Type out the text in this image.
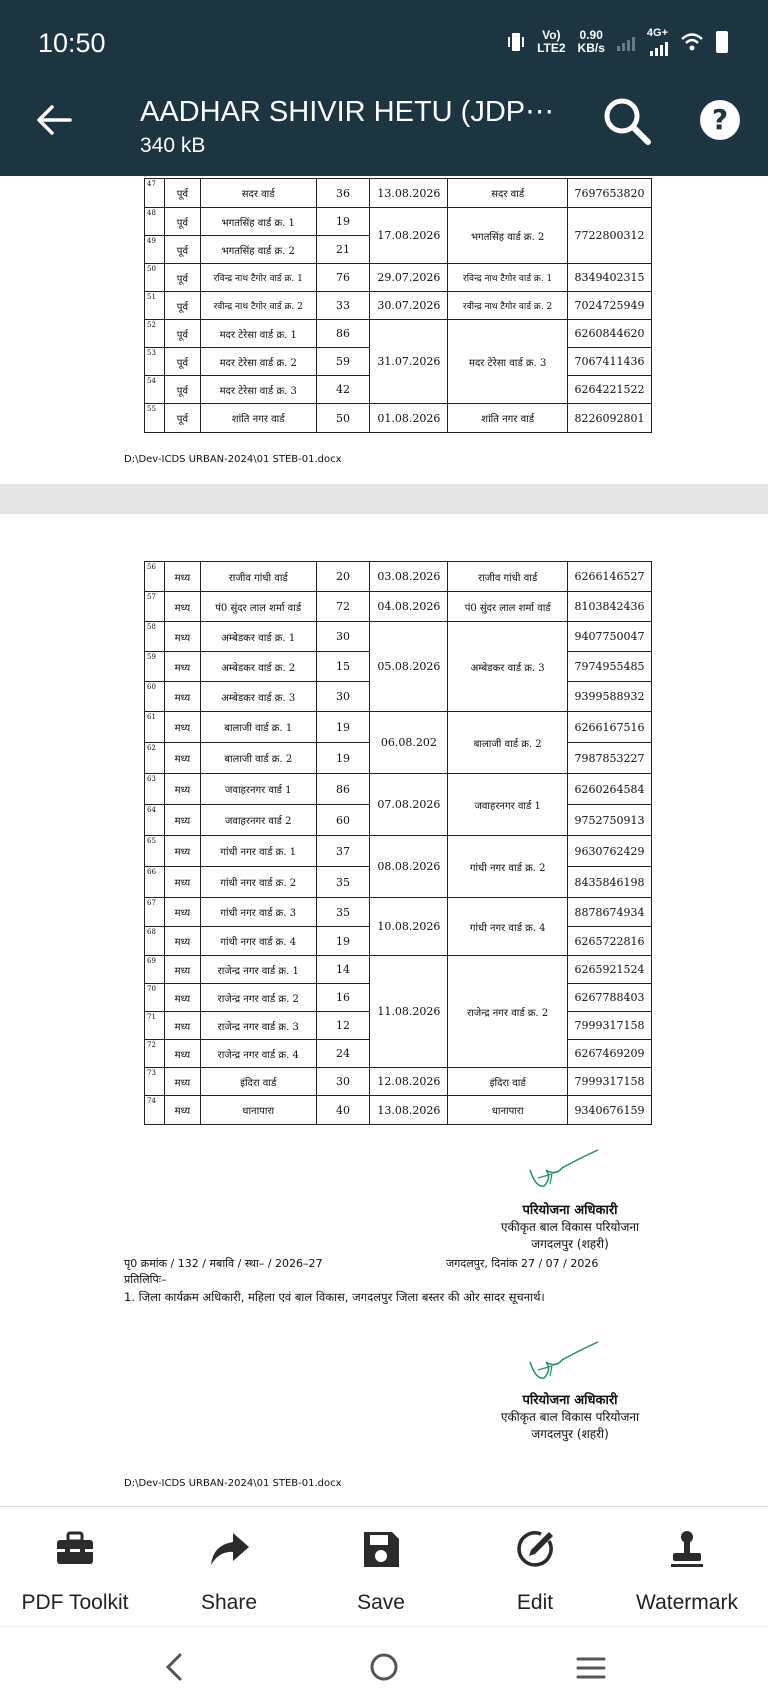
10:50	Vo)
LTE2
0.90
KB/s
4G+
AADHAR SHIVIR HETU (JDP⋯
340 kB
?
47	पूर्व	सदर वार्ड	36	13.08.2026	सदर वार्ड	7697653820
48	पूर्व	भगतसिंह वार्ड क्र. 1	19	17.08.2026	भगतसिंह वार्ड क्र. 2	7722800312
49	पूर्व	भगतसिंह वार्ड क्र. 2	21			
50	पूर्व	रविन्द्र नाथ टैगोर वार्ड क्र. 1	76	29.07.2026	रविन्द्र नाथ टैगोर वार्ड क्र. 1	8349402315
51	पूर्व	रवीन्द्र नाथ टैगोर वार्ड क्र. 2	33	30.07.2026	रवीन्द्र नाथ टैगोर वार्ड क्र. 2	7024725949
52	पूर्व	मदर टेरेसा वार्ड क्र. 1	86	31.07.2026	मदर टेरेसा वार्ड क्र. 3	6260844620
53	पूर्व	मदर टेरेसा वार्ड क्र. 2	59			7067411436
54	पूर्व	मदर टेरेसा वार्ड क्र. 3	42			6264221522
55	पूर्व	शांति नगर वार्ड	50	01.08.2026	शांति नगर वार्ड	8226092801
D:\Dev-ICDS URBAN-2024\01 STEB-01.docx
56	मध्य	राजीव गांधी वार्ड	20	03.08.2026	राजीव गांधी वार्ड	6266146527
57	मध्य	पं0 सुंदर लाल शर्मा वार्ड	72	04.08.2026	पं0 सुंदर लाल शर्मा वार्ड	8103842436
58	मध्य	अम्बेडकर वार्ड क्र. 1	30	05.08.2026	अम्बेडकर वार्ड क्र. 3	9407750047
59	मध्य	अम्बेडकर वार्ड क्र. 2	15			7974955485
60	मध्य	अम्बेडकर वार्ड क्र. 3	30			9399588932
61	मध्य	बालाजी वार्ड क्र. 1	19	06.08.202	बालाजी वार्ड क्र. 2	6266167516
62	मध्य	बालाजी वार्ड क्र. 2	19			7987853227
63	मध्य	जवाहरनगर वार्ड 1	86	07.08.2026	जवाहरनगर वार्ड 1	6260264584
64	मध्य	जवाहरनगर वार्ड 2	60			9752750913
65	मध्य	गांधी नगर वार्ड क्र. 1	37	08.08.2026	गांधी नगर वार्ड क्र. 2	9630762429
66	मध्य	गांधी नगर वार्ड क्र. 2	35			8435846198
67	मध्य	गांधी नगर वार्ड क्र. 3	35	10.08.2026	गांधी नगर वार्ड क्र. 4	8878674934
68	मध्य	गांधी नगर वार्ड क्र. 4	19			6265722816
69	मध्य	राजेन्द्र नगर वार्ड क्र. 1	14	11.08.2026	राजेन्द्र नगर वार्ड क्र. 2	6265921524
70	मध्य	राजेन्द्र नगर वार्ड क्र. 2	16			6267788403
71	मध्य	राजेन्द्र नगर वार्ड क्र. 3	12			7999317158
72	मध्य	राजेन्द्र नगर वार्ड क्र. 4	24			6267469209
73	मध्य	इंदिरा वार्ड	30	12.08.2026	इंदिरा वार्ड	7999317158
74	मध्य	धानापारा	40	13.08.2026	धानापारा	9340676159
परियोजना अधिकारी
एकीकृत बाल विकास परियोजना
जगदलपुर (शहरी)
पृ0 क्रमांक / 132 / मबावि / स्था– / 2026–27	जगदलपुर, दिनांक 27 / 07 / 2026
प्रतिलिपिः–
1. जिला कार्यक्रम अधिकारी, महिला एवं बाल विकास, जगदलपुर जिला बस्तर की ओर सादर सूचनार्थ।
परियोजना अधिकारी
एकीकृत बाल विकास परियोजना
जगदलपुर (शहरी)
D:\Dev-ICDS URBAN-2024\01 STEB-01.docx
PDF Toolkit	Share	Save	Edit	Watermark
